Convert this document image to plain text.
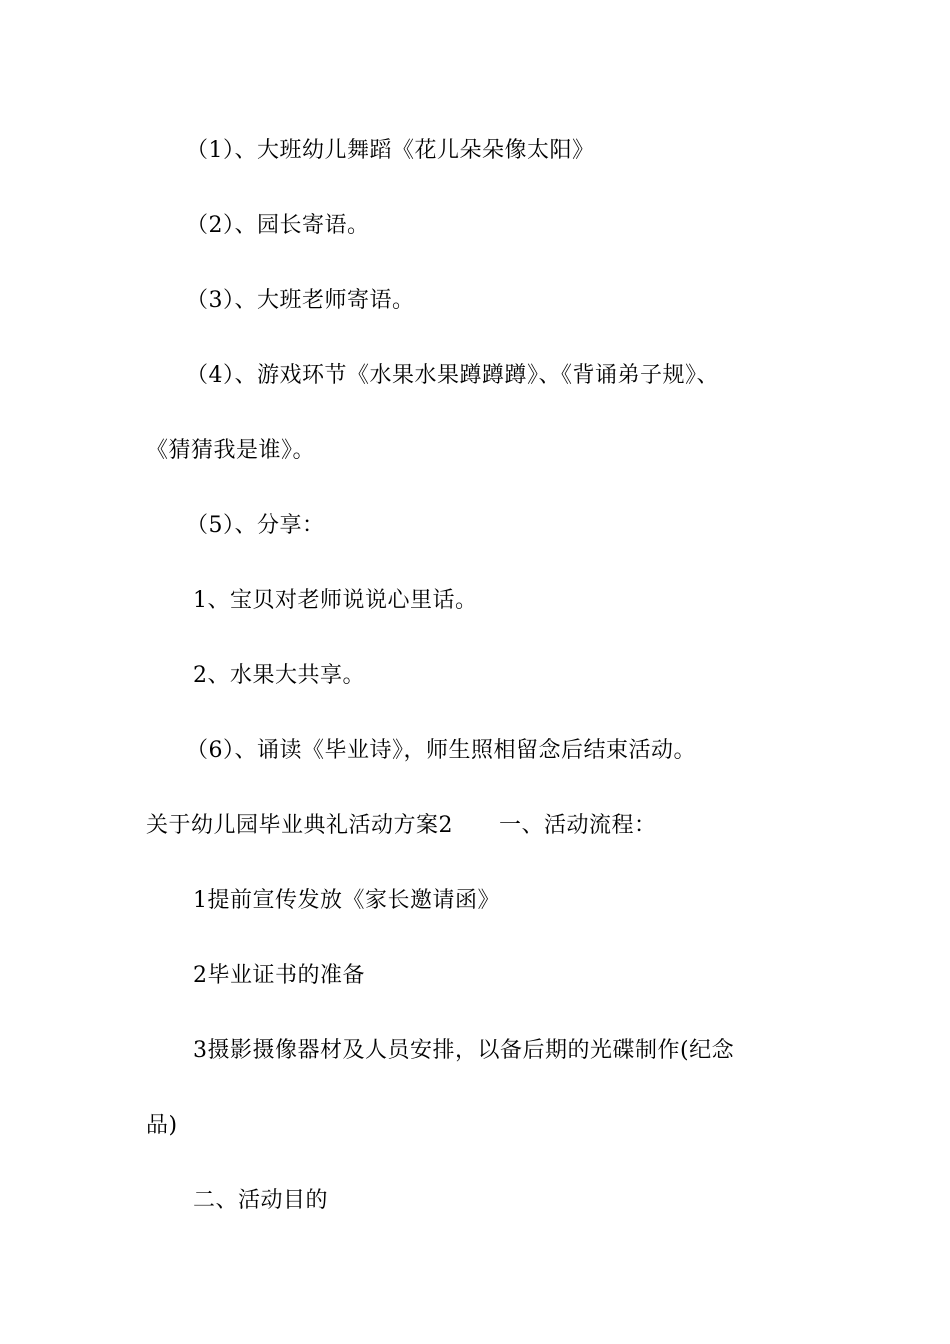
（1）、大班幼儿舞蹈《花儿朵朵像太阳》
（2）、园长寄语。
（3）、大班老师寄语。
（4）、游戏环节《水果水果蹲蹲蹲》、《背诵弟子规》、
《猜猜我是谁》。
（5）、分享：
1、宝贝对老师说说心里话。
2、水果大共享。
（6）、诵读《毕业诗》，师生照相留念后结束活动。
关于幼儿园毕业典礼活动方案2 一、活动流程：
1提前宣传发放《家长邀请函》
2毕业证书的准备
3摄影摄像器材及人员安排，以备后期的光碟制作(纪念
品)
二、活动目的
